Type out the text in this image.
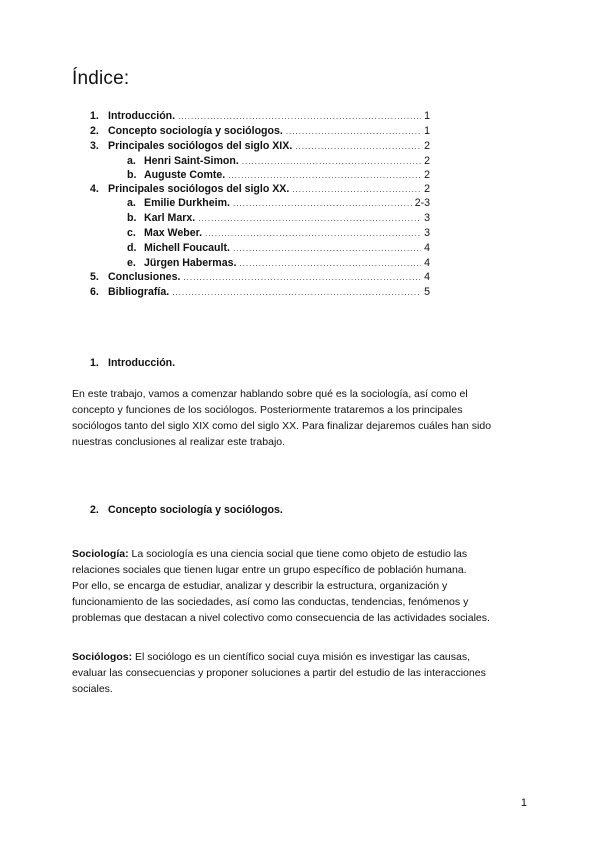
Índice:
1. Introducción. .....	1
2. Concepto sociología y sociólogos. .....	1
3. Principales sociólogos del siglo XIX. .....	2
a. Henri Saint-Simon. .....	2
b. Auguste Comte. .....	2
4. Principales sociólogos del siglo XX. .....	2
a. Emilie Durkheim. .....	2-3
b. Karl Marx. .....	3
c. Max Weber. .....	3
d. Michell Foucault. .....	4
e. Jürgen Habermas. .....	4
5. Conclusiones. .....	4
6. Bibliografía. .....	5
1. Introducción.

En este trabajo, vamos a comenzar hablando sobre qué es la sociología, así como el
concepto y funciones de los sociólogos. Posteriormente trataremos a los principales
sociólogos tanto del siglo XIX como del siglo XX. Para finalizar dejaremos cuáles han sido
nuestras conclusiones al realizar este trabajo.

2. Concepto sociología y sociólogos.

Sociología: La sociología es una ciencia social que tiene como objeto de estudio las
relaciones sociales que tienen lugar entre un grupo específico de población humana.
Por ello, se encarga de estudiar, analizar y describir la estructura, organización y
funcionamiento de las sociedades, así como las conductas, tendencias, fenómenos y
problemas que destacan a nivel colectivo como consecuencia de las actividades sociales.

Sociólogos: El sociólogo es un científico social cuya misión es investigar las causas,
evaluar las consecuencias y proponer soluciones a partir del estudio de las interacciones
sociales.

1
